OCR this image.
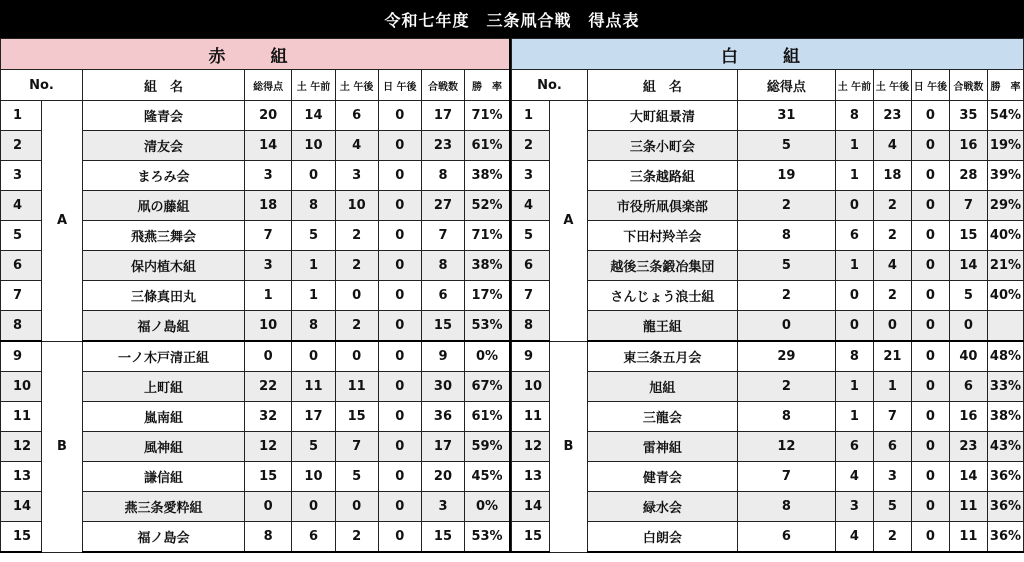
令和七年度　三条凧合戦　得点表
赤　組								
No.		組　名	総得点	土 午前	土 午後	日 午後	合戦数	勝　率
1	A	隆青会	20	14	6	0	17	71%
2		清友会	14	10	4	0	23	61%
3		まろみ会	3	0	3	0	8	38%
4		凧の藤組	18	8	10	0	27	52%
5		飛燕三舞会	7	5	2	0	7	71%
6		保内植木組	3	1	2	0	8	38%
7		三條真田丸	1	1	0	0	6	17%
8		福ノ島組	10	8	2	0	15	53%
9	B	一ノ木戸清正組	0	0	0	0	9	0%
10		上町組	22	11	11	0	30	67%
11		嵐南組	32	17	15	0	36	61%
12		風神組	12	5	7	0	17	59%
13		謙信組	15	10	5	0	20	45%
14		燕三条愛粋組	0	0	0	0	3	0%
15		福ノ島会	8	6	2	0	15	53%
白　組								
No.		組　名	総得点	土 午前	土 午後	日 午後	合戦数	勝　率
1	A	大町組景清	31	8	23	0	35	54%
2		三条小町会	5	1	4	0	16	19%
3		三条越路組	19	1	18	0	28	39%
4		市役所凧倶楽部	2	0	2	0	7	29%
5		下田村羚羊会	8	6	2	0	15	40%
6		越後三条鍛冶集団	5	1	4	0	14	21%
7		さんじょう浪士組	2	0	2	0	5	40%
8		龍王組	0	0	0	0	0	
9	B	東三条五月会	29	8	21	0	40	48%
10		旭組	2	1	1	0	6	33%
11		三龍会	8	1	7	0	16	38%
12		雷神組	12	6	6	0	23	43%
13		健青会	7	4	3	0	14	36%
14		緑水会	8	3	5	0	11	36%
15		白朗会	6	4	2	0	11	36%
